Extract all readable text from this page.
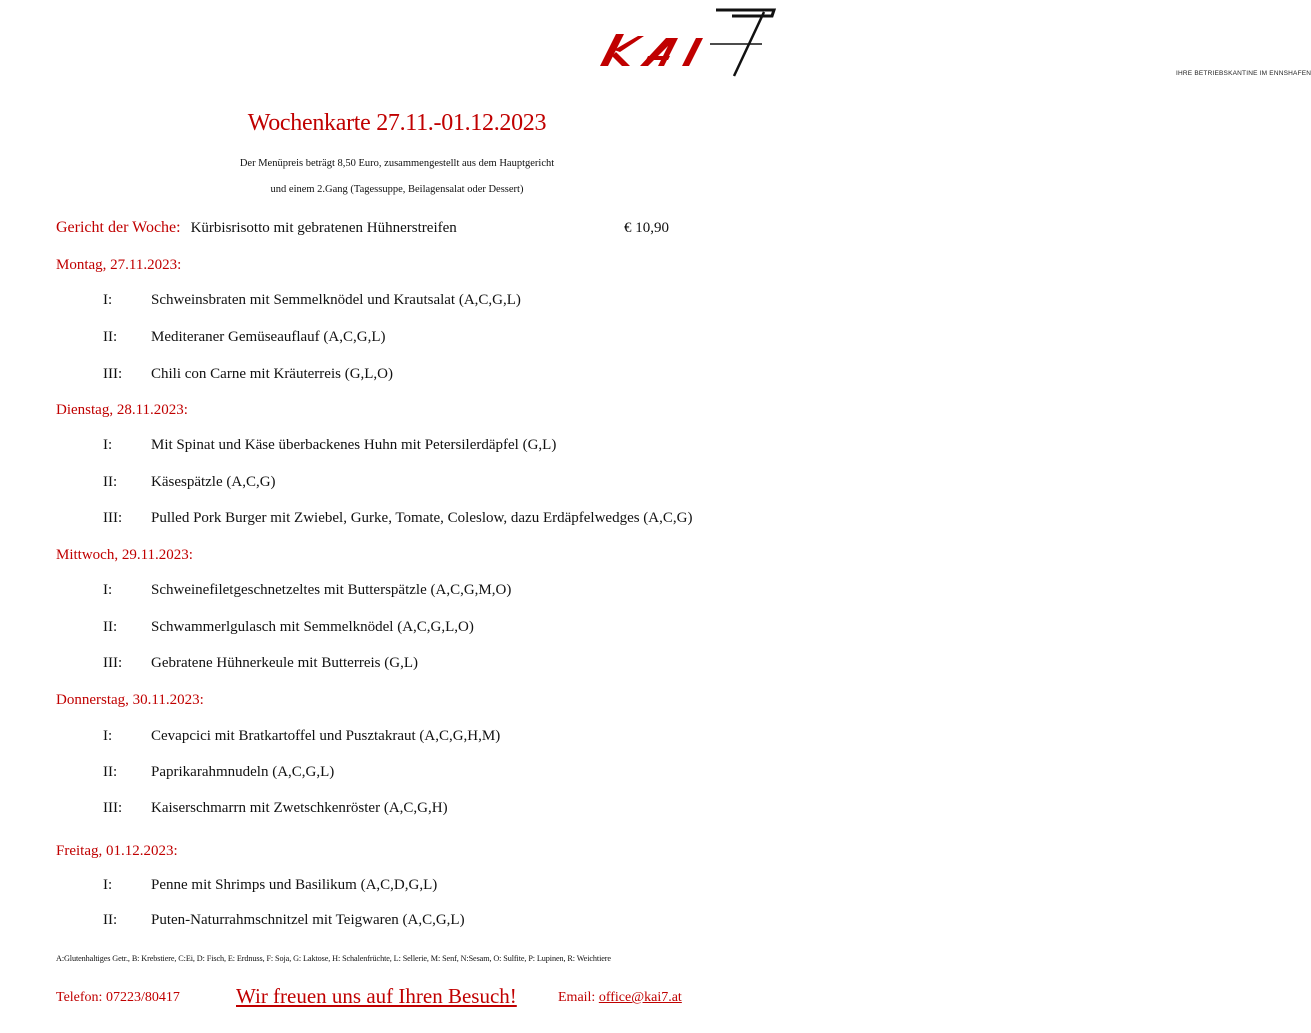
IHRE BETRIEBSKANTINE IM ENNSHAFEN
Wochenkarte 27.11.-01.12.2023
Der Menüpreis beträgt 8,50 Euro, zusammengestellt aus dem Hauptgericht
und einem 2.Gang (Tagessuppe, Beilagensalat oder Dessert)
Gericht der Woche: Kürbisrisotto mit gebratenen Hühnerstreifen	€ 10,90
Montag, 27.11.2023:
I:	Schweinsbraten mit Semmelknödel und Krautsalat (A,C,G,L)
II: Mediteraner Gemüseauflauf (A,C,G,L)
III: Chili con Carne mit Kräuterreis (G,L,O)
Dienstag, 28.11.2023:
I:	Mit Spinat und Käse überbackenes Huhn mit Petersilerdäpfel (G,L)
II: Käsespätzle (A,C,G)
III: Pulled Pork Burger mit Zwiebel, Gurke, Tomate, Coleslow, dazu Erdäpfelwedges (A,C,G)
Mittwoch, 29.11.2023:
I:	Schweinefiletgeschnetzeltes mit Butterspätzle (A,C,G,M,O)
II: Schwammerlgulasch mit Semmelknödel (A,C,G,L,O)
III: Gebratene Hühnerkeule mit Butterreis (G,L)
Donnerstag, 30.11.2023:
I:	Cevapcici mit Bratkartoffel und Pusztakraut (A,C,G,H,M)
II: Paprikarahmnudeln (A,C,G,L)
III: Kaiserschmarrn mit Zwetschkenröster (A,C,G,H)
Freitag, 01.12.2023:
I:	Penne mit Shrimps und Basilikum (A,C,D,G,L)
II: Puten-Naturrahmschnitzel mit Teigwaren (A,C,G,L)
A:Glutenhaltiges Getr., B: Krebstiere, C:Ei, D: Fisch, E: Erdnuss, F: Soja, G: Laktose, H: Schalenfrüchte, L: Sellerie, M: Senf, N:Sesam, O: Sulfite, P: Lupinen, R: Weichtiere
Telefon: 07223/80417	Wir freuen uns auf Ihren Besuch!	Email: office@kai7.at
